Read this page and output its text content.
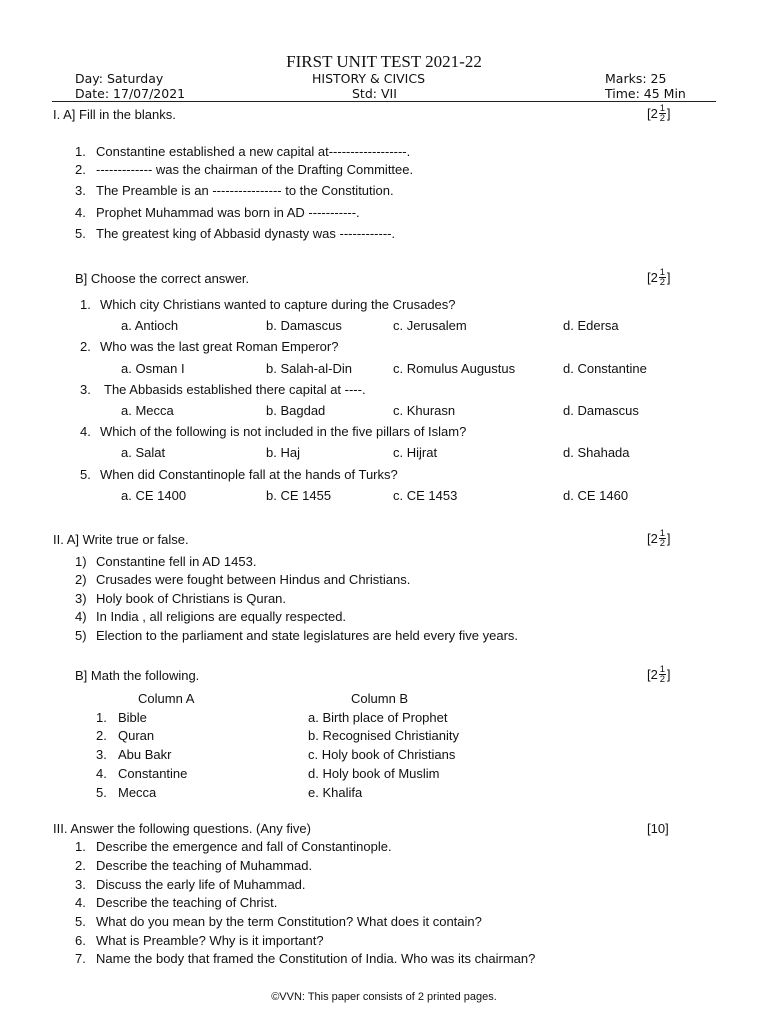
FIRST UNIT TEST 2021-22
Day: Saturday
Date: 17/07/2021
HISTORY & CIVICS
Std: VII
Marks: 25
Time: 45 Min
I. A] Fill in the blanks.	[ $2 \frac{1}{2}$ ]
1. Constantine established a new capital at------------------.
2. ------------- was the chairman of the Drafting Committee.
3. The Preamble is an ---------------- to the Constitution.
4. Prophet Muhammad was born in AD -----------.
5. The greatest king of Abbasid dynasty was ------------.
B] Choose the correct answer.	[ $2 \frac{1}{2}$ ]
1. Which city Christians wanted to capture during the Crusades?
a. Antioch	b. Damascus	c. Jerusalem	d. Edersa
2. Who was the last great Roman Emperor?
a. Osman I	b. Salah-al-Din	c. Romulus Augustus	d. Constantine
3. The Abbasids established there capital at ----.
a. Mecca	b. Bagdad	c. Khurasn	d. Damascus
4. Which of the following is not included in the five pillars of Islam?
a. Salat	b. Haj	c. Hijrat	d. Shahada
5. When did Constantinople fall at the hands of Turks?
a. CE 1400	b. CE 1455	c. CE 1453	d. CE 1460
II. A] Write true or false.	[ $2 \frac{1}{2}$ ]
1) Constantine fell in AD 1453.
2) Crusades were fought between Hindus and Christians.
3) Holy book of Christians is Quran.
4) In India , all religions are equally respected.
5) Election to the parliament and state legislatures are held every five years.
B] Math the following.	[ $2 \frac{1}{2}$ ]
Column A	Column B
1. Bible	a. Birth place of Prophet
2. Quran	b. Recognised Christianity
3. Abu Bakr	c. Holy book of Christians
4. Constantine	d. Holy book of Muslim
5. Mecca	e. Khalifa
III. Answer the following questions. (Any five)	[10]
1. Describe the emergence and fall of Constantinople.
2. Describe the teaching of Muhammad.
3. Discuss the early life of Muhammad.
4. Describe the teaching of Christ.
5. What do you mean by the term Constitution? What does it contain?
6. What is Preamble? Why is it important?
7. Name the body that framed the Constitution of India. Who was its chairman?
©VVN: This paper consists of 2 printed pages.
